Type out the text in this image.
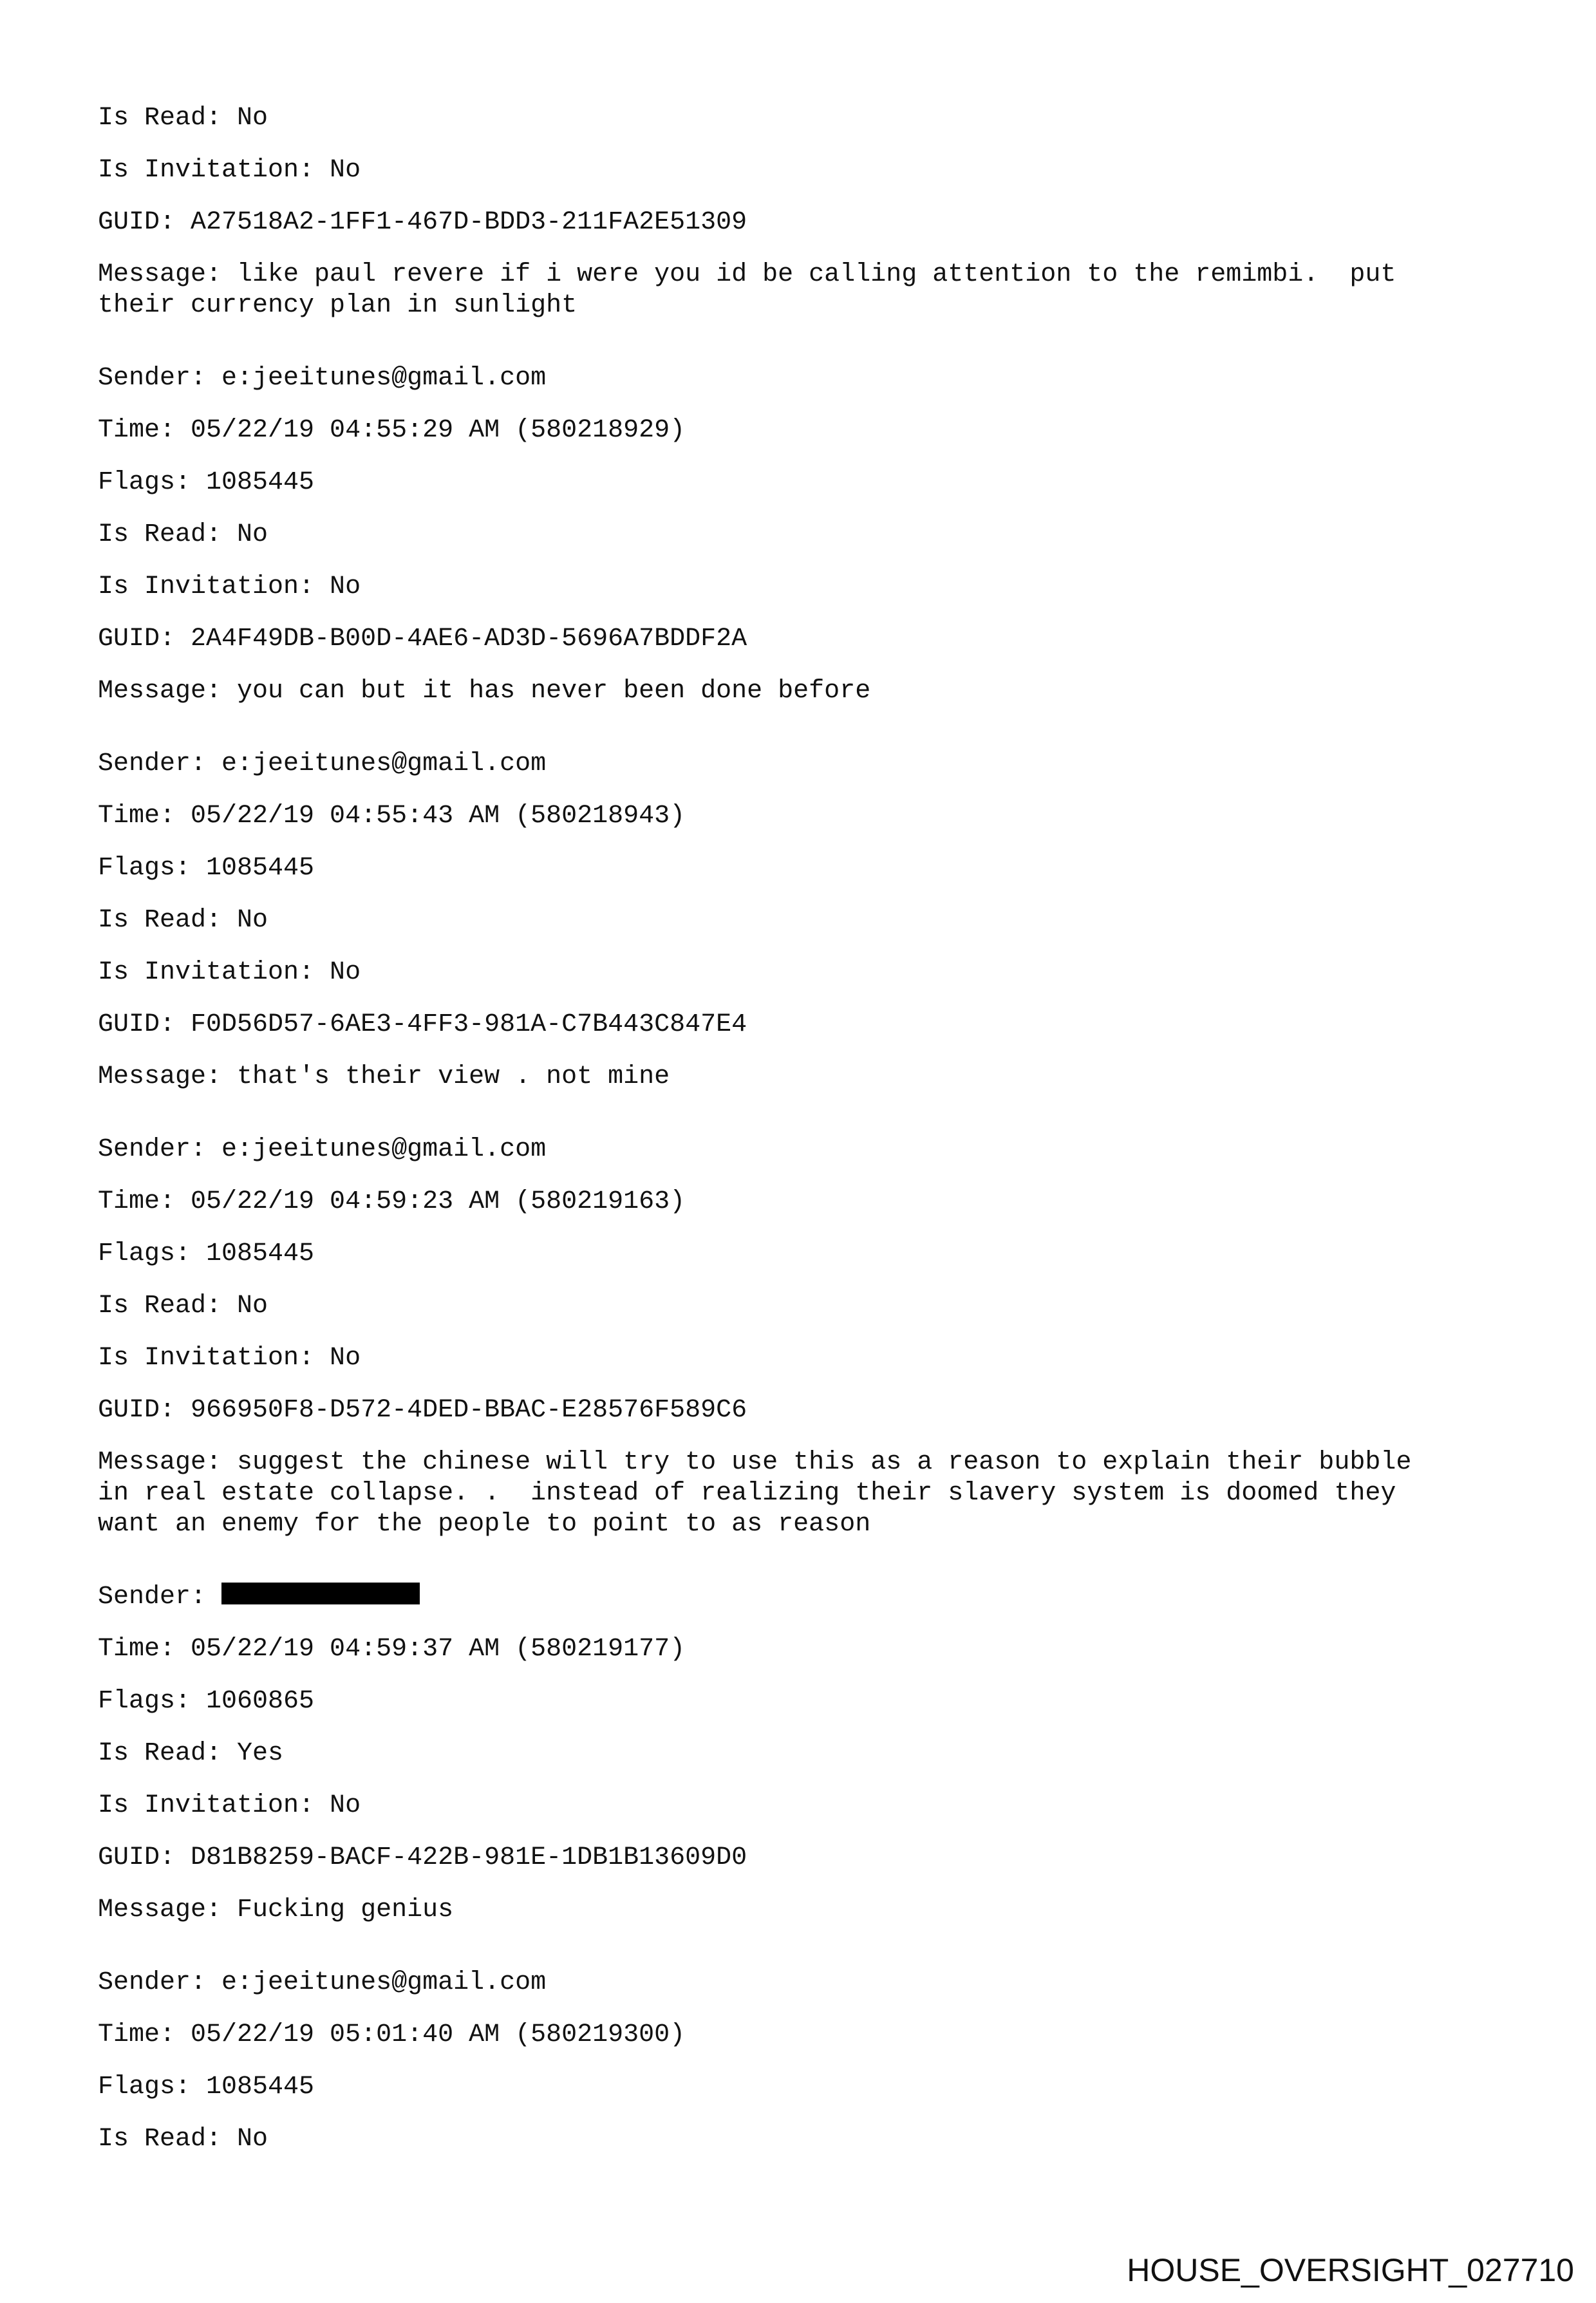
Is Read: No
Is Invitation: No
GUID: A27518A2-1FF1-467D-BDD3-211FA2E51309
Message: like paul revere if i were you id be calling attention to the remimbi.  put
their currency plan in sunlight
Sender: e:jeeitunes@gmail.com
Time: 05/22/19 04:55:29 AM (580218929)
Flags: 1085445
Is Read: No
Is Invitation: No
GUID: 2A4F49DB-B00D-4AE6-AD3D-5696A7BDDF2A
Message: you can but it has never been done before
Sender: e:jeeitunes@gmail.com
Time: 05/22/19 04:55:43 AM (580218943)
Flags: 1085445
Is Read: No
Is Invitation: No
GUID: F0D56D57-6AE3-4FF3-981A-C7B443C847E4
Message: that's their view . not mine
Sender: e:jeeitunes@gmail.com
Time: 05/22/19 04:59:23 AM (580219163)
Flags: 1085445
Is Read: No
Is Invitation: No
GUID: 966950F8-D572-4DED-BBAC-E28576F589C6
Message: suggest the chinese will try to use this as a reason to explain their bubble
in real estate collapse. .  instead of realizing their slavery system is doomed they
want an enemy for the people to point to as reason
Sender:
Time: 05/22/19 04:59:37 AM (580219177)
Flags: 1060865
Is Read: Yes
Is Invitation: No
GUID: D81B8259-BACF-422B-981E-1DB1B13609D0
Message: Fucking genius
Sender: e:jeeitunes@gmail.com
Time: 05/22/19 05:01:40 AM (580219300)
Flags: 1085445
Is Read: No
HOUSE_OVERSIGHT_027710
